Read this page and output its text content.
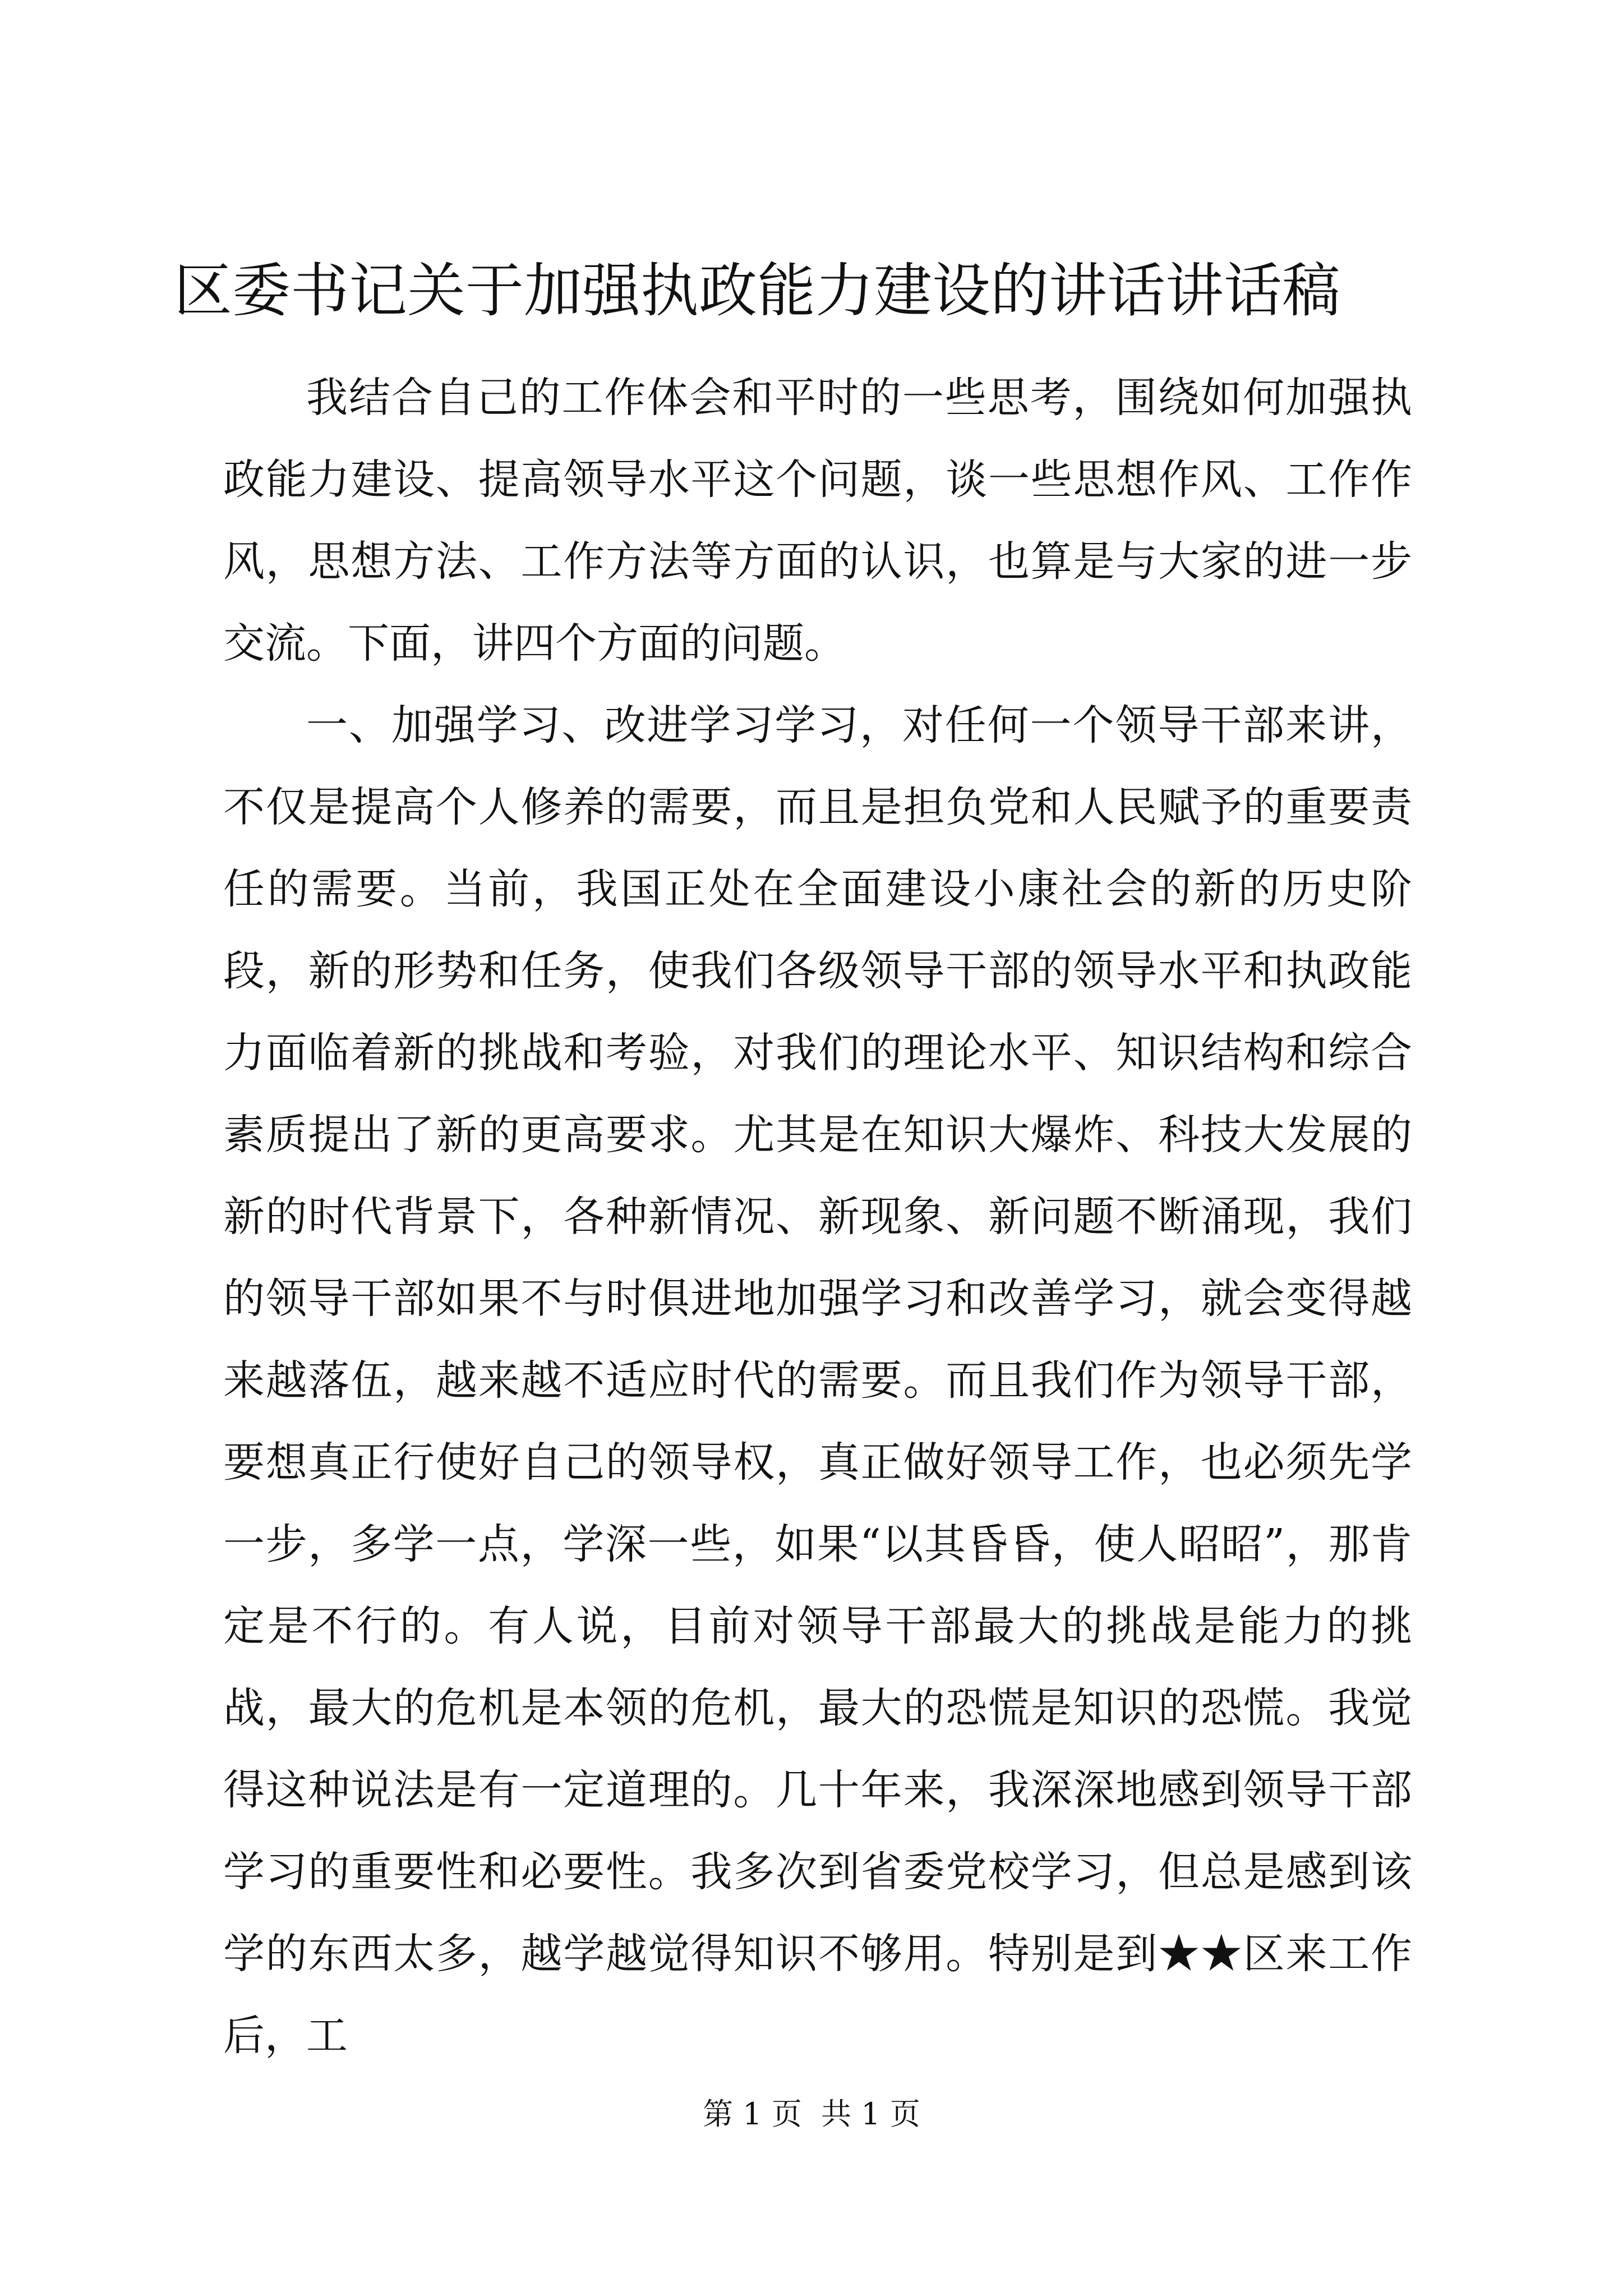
区委书记关于加强执政能力建设的讲话讲话稿

我结合自己的工作体会和平时的一些思考，围绕如何加强执政能力建设、提高领导水平这个问题，谈一些思想作风、工作作风，思想方法、工作方法等方面的认识，也算是与大家的进一步交流。下面，讲四个方面的问题。

一、加强学习、改进学习学习，对任何一个领导干部来讲，不仅是提高个人修养的需要，而且是担负党和人民赋予的重要责任的需要。当前，我国正处在全面建设小康社会的新的历史阶段，新的形势和任务，使我们各级领导干部的领导水平和执政能力面临着新的挑战和考验，对我们的理论水平、知识结构和综合素质提出了新的更高要求。尤其是在知识大爆炸、科技大发展的新的时代背景下，各种新情况、新现象、新问题不断涌现，我们的领导干部如果不与时俱进地加强学习和改善学习，就会变得越来越落伍，越来越不适应时代的需要。而且我们作为领导干部，要想真正行使好自己的领导权，真正做好领导工作，也必须先学一步，多学一点，学深一些，如果“以其昏昏，使人昭昭”，那肯定是不行的。有人说，目前对领导干部最大的挑战是能力的挑战，最大的危机是本领的危机，最大的恐慌是知识的恐慌。我觉得这种说法是有一定道理的。几十年来，我深深地感到领导干部学习的重要性和必要性。我多次到省委党校学习，但总是感到该学的东西太多，越学越觉得知识不够用。特别是到★★区来工作后，工

第 1 页  共 1 页
